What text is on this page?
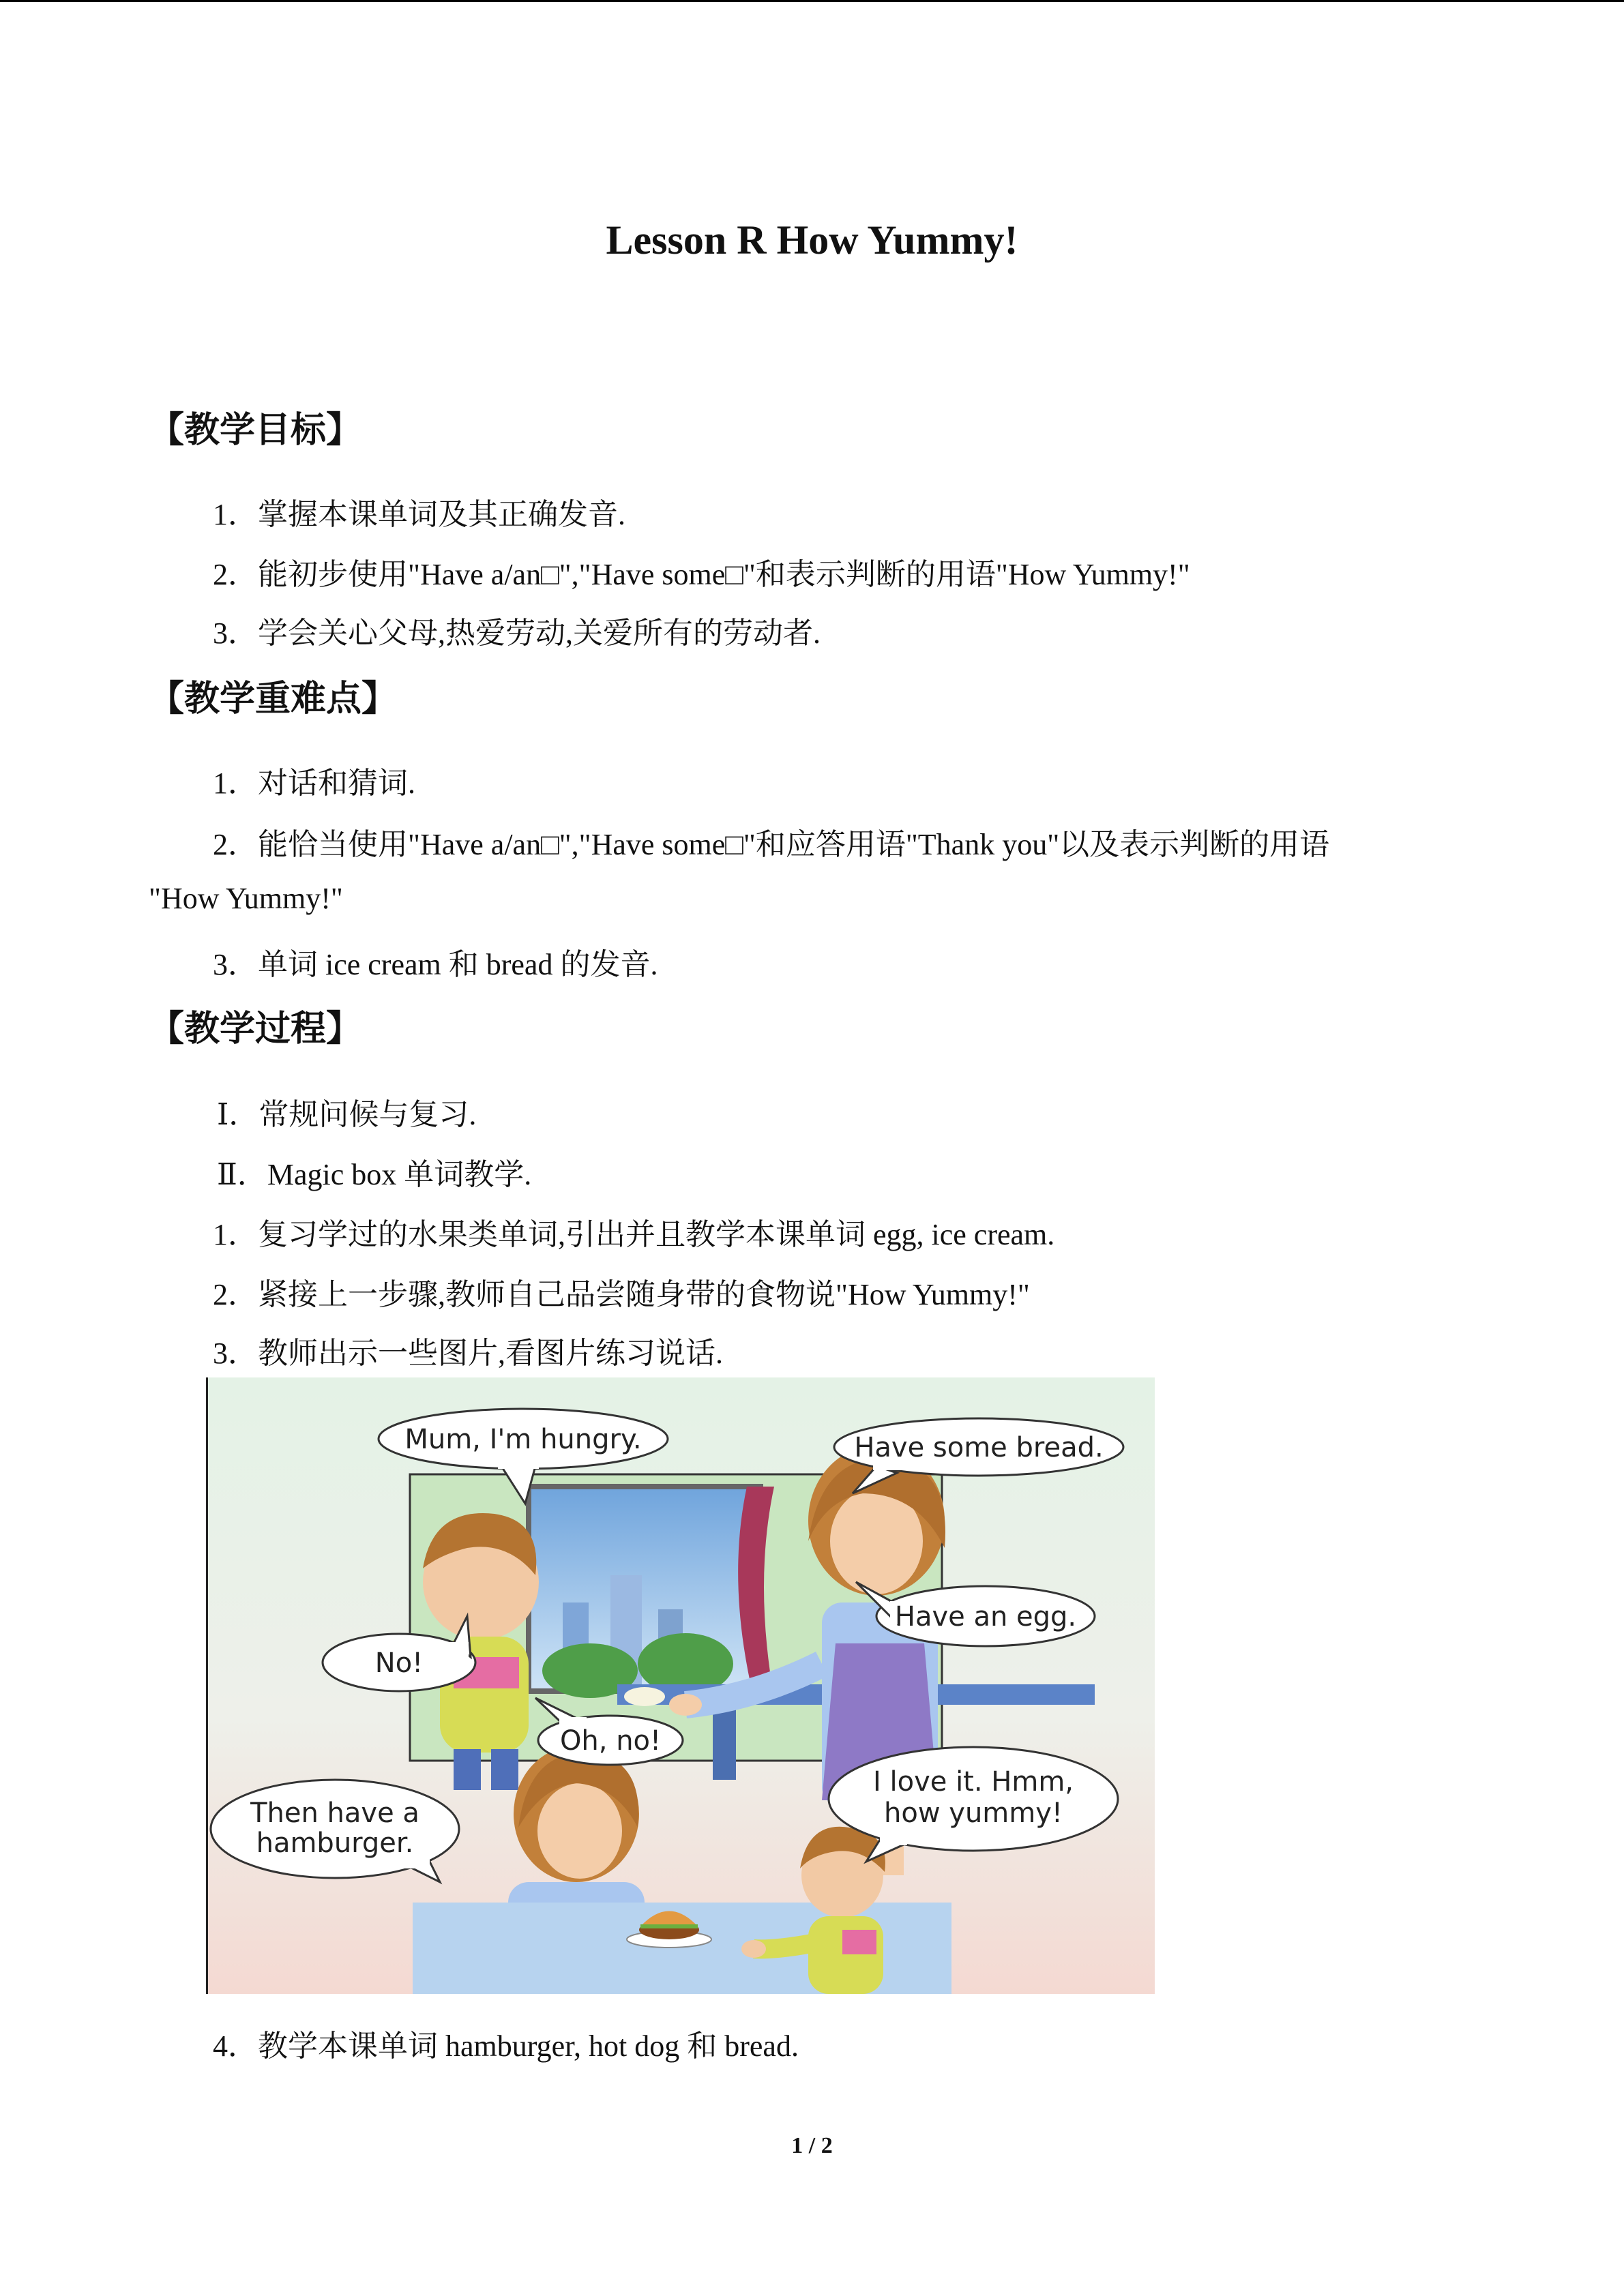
Lesson R How Yummy!
【教学目标】

1．掌握本课单词及其正确发音.

2．能初步使用"Have a/an□","Have some□"和表示判断的用语"How Yummy!"

3．学会关心父母,热爱劳动,关爱所有的劳动者.

【教学重难点】

1．对话和猜词.

2．能恰当使用"Have a/an□","Have some□"和应答用语"Thank you"以及表示判断的用语

"How Yummy!"

3．单词 ice cream 和 bread 的发音.

【教学过程】

Ⅰ．常规问候与复习.

Ⅱ．Magic box 单词教学.

1．复习学过的水果类单词,引出并且教学本课单词 egg, ice cream.

2．紧接上一步骤,教师自己品尝随身带的食物说"How Yummy!"

3．教师出示一些图片,看图片练习说话.

Mum, I'm hungry.	Have some bread.
Have an egg.
No!
Oh, no!
Then have a
hamburger.
I love it. Hmm,
how yummy!

4．教学本课单词 hamburger, hot dog 和 bread.

1 / 2
